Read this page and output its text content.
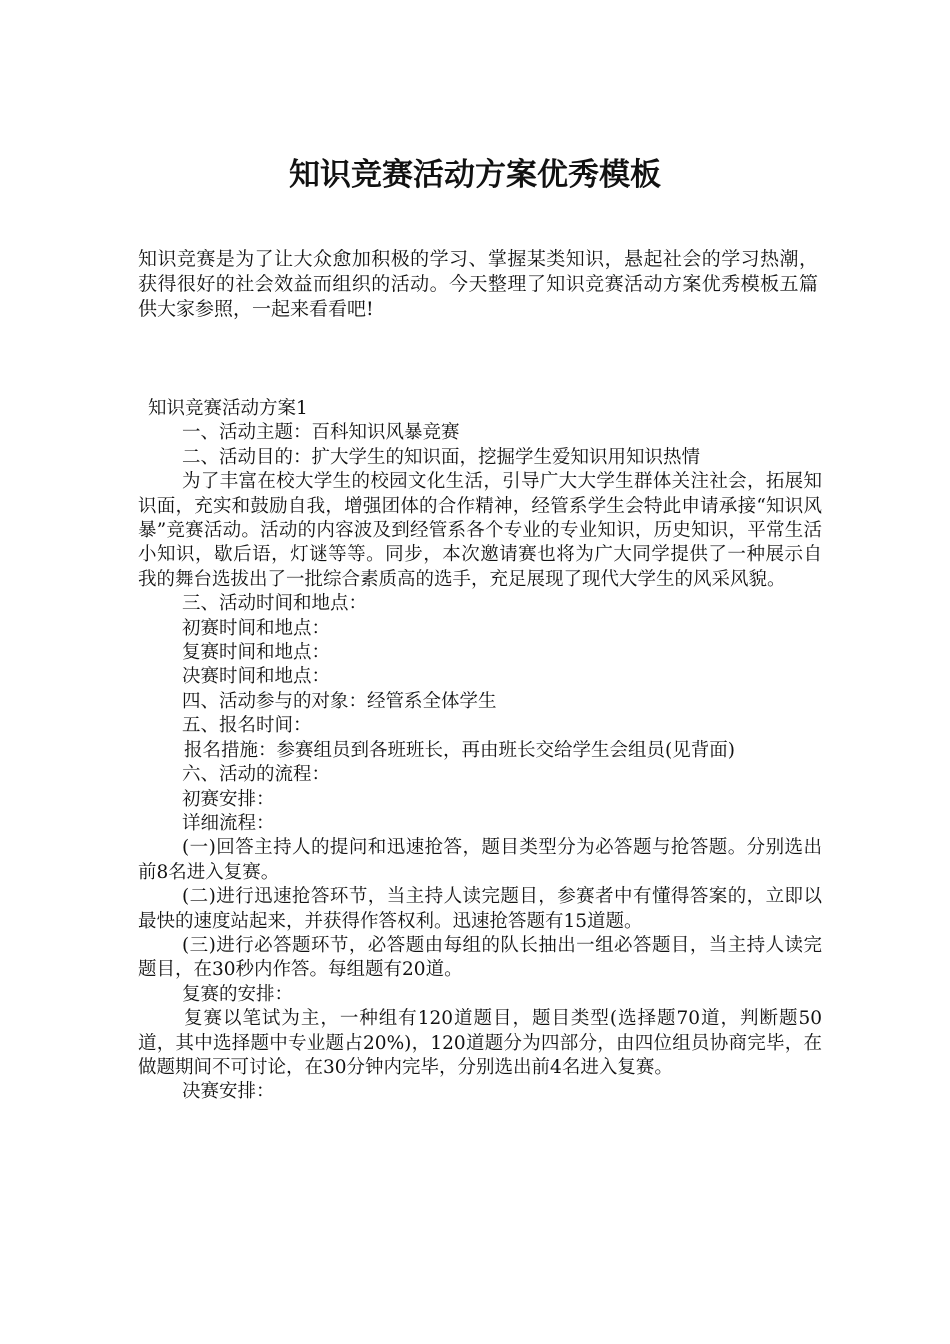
知识竞赛活动方案优秀模板

知识竞赛是为了让大众愈加积极的学习、掌握某类知识，悬起社会的学习热潮，获得很好的社会效益而组织的活动。今天整理了知识竞赛活动方案优秀模板五篇供大家参照，一起来看看吧!

知识竞赛活动方案1

一、活动主题：百科知识风暴竞赛

二、活动目的：扩大学生的知识面，挖掘学生爱知识用知识热情

为了丰富在校大学生的校园文化生活，引导广大大学生群体关注社会，拓展知识面，充实和鼓励自我，增强团体的合作精神，经管系学生会特此申请承接“知识风暴”竞赛活动。活动的内容波及到经管系各个专业的专业知识，历史知识，平常生活小知识，歇后语，灯谜等等。同步，本次邀请赛也将为广大同学提供了一种展示自我的舞台选拔出了一批综合素质高的选手，充足展现了现代大学生的风采风貌。

三、活动时间和地点：

初赛时间和地点：

复赛时间和地点：

决赛时间和地点：

四、活动参与的对象：经管系全体学生

五、报名时间：

报名措施：参赛组员到各班班长，再由班长交给学生会组员(见背面)

六、活动的流程：

初赛安排：

详细流程：

(一)回答主持人的提问和迅速抢答，题目类型分为必答题与抢答题。分别选出前8名进入复赛。

(二)进行迅速抢答环节，当主持人读完题目，参赛者中有懂得答案的，立即以最快的速度站起来，并获得作答权利。迅速抢答题有15道题。

(三)进行必答题环节，必答题由每组的队长抽出一组必答题目，当主持人读完题目，在30秒内作答。每组题有20道。

复赛的安排：

复赛以笔试为主，一种组有120道题目，题目类型(选择题70道，判断题50道，其中选择题中专业题占20%)，120道题分为四部分，由四位组员协商完毕，在做题期间不可讨论，在30分钟内完毕，分别选出前4名进入复赛。

决赛安排：
